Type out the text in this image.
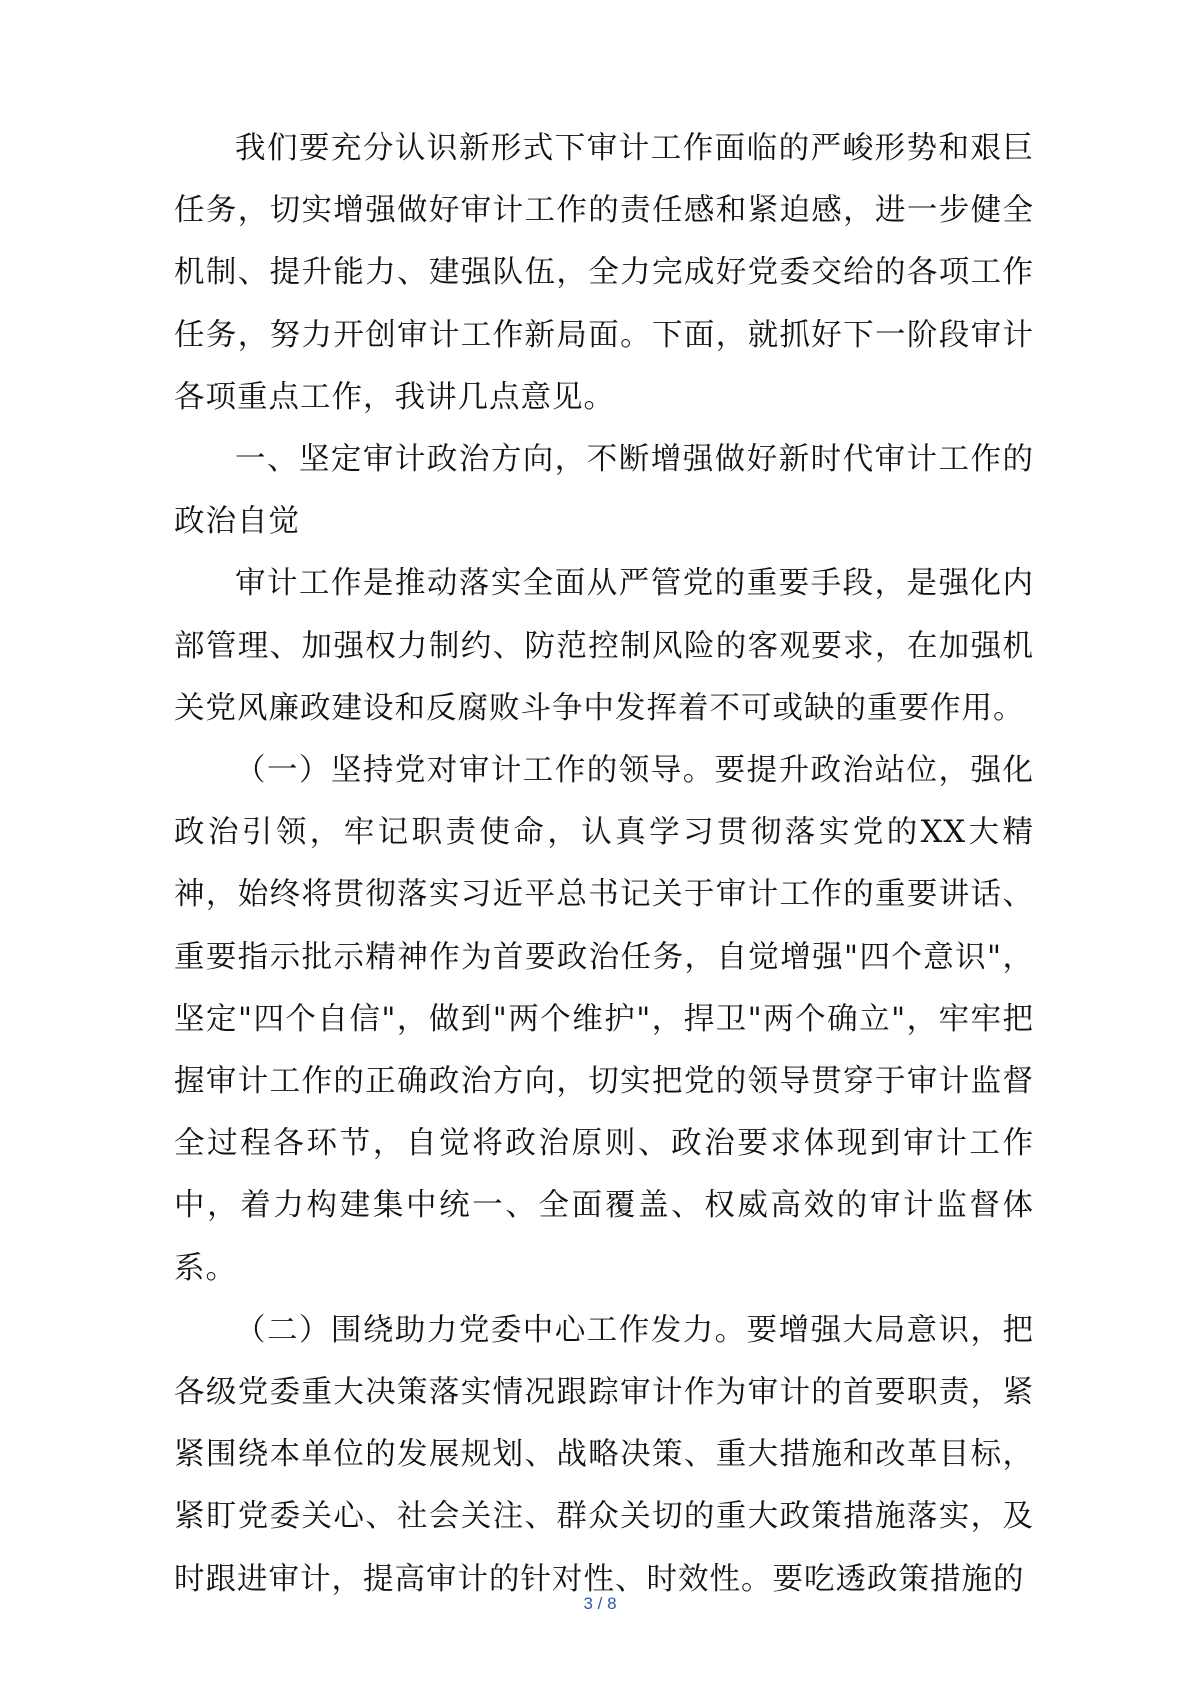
我们要充分认识新形式下审计工作面临的严峻形势和艰巨任务，切实增强做好审计工作的责任感和紧迫感，进一步健全机制、提升能力、建强队伍，全力完成好党委交给的各项工作任务，努力开创审计工作新局面。下面，就抓好下一阶段审计各项重点工作，我讲几点意见。

一、坚定审计政治方向，不断增强做好新时代审计工作的政治自觉

审计工作是推动落实全面从严管党的重要手段，是强化内部管理、加强权力制约、防范控制风险的客观要求，在加强机关党风廉政建设和反腐败斗争中发挥着不可或缺的重要作用。

（一）坚持党对审计工作的领导。要提升政治站位，强化政治引领，牢记职责使命，认真学习贯彻落实党的XX大精神，始终将贯彻落实习近平总书记关于审计工作的重要讲话、重要指示批示精神作为首要政治任务，自觉增强"四个意识"，坚定"四个自信"，做到"两个维护"，捍卫"两个确立"，牢牢把握审计工作的正确政治方向，切实把党的领导贯穿于审计监督全过程各环节，自觉将政治原则、政治要求体现到审计工作中，着力构建集中统一、全面覆盖、权威高效的审计监督体系。

（二）围绕助力党委中心工作发力。要增强大局意识，把各级党委重大决策落实情况跟踪审计作为审计的首要职责，紧紧围绕本单位的发展规划、战略决策、重大措施和改革目标，紧盯党委关心、社会关注、群众关切的重大政策措施落实，及时跟进审计，提高审计的针对性、时效性。要吃透政策措施的

3 / 8
